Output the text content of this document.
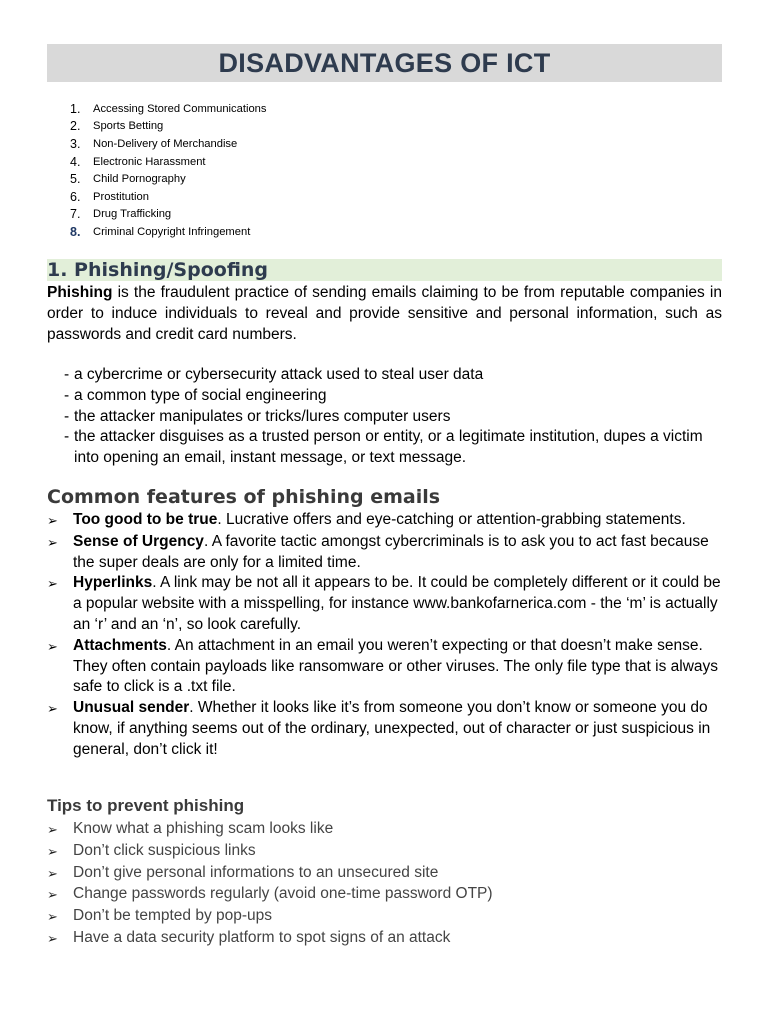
DISADVANTAGES OF ICT
1.	Accessing Stored Communications
2.	Sports Betting
3.	Non-Delivery of Merchandise
4.	Electronic Harassment
5.	Child Pornography
6.	Prostitution
7.	Drug Trafficking
8.	Criminal Copyright Infringement
1. Phishing/Spoofing
Phishing is the fraudulent practice of sending emails claiming to be from reputable companies in order to induce individuals to reveal and provide sensitive and personal information, such as passwords and credit card numbers.
- a cybercrime or cybersecurity attack used to steal user data
- a common type of social engineering
- the attacker manipulates or tricks/lures computer users
- the attacker disguises as a trusted person or entity, or a legitimate institution, dupes a victim into opening an email, instant message, or text message.
Common features of phishing emails
➢ Too good to be true. Lucrative offers and eye-catching or attention-grabbing statements.
➢ Sense of Urgency. A favorite tactic amongst cybercriminals is to ask you to act fast because the super deals are only for a limited time.
➢ Hyperlinks. A link may be not all it appears to be. It could be completely different or it could be a popular website with a misspelling, for instance www.bankofarnerica.com - the ‘m’ is actually an ‘r’ and an ‘n’, so look carefully.
➢ Attachments. An attachment in an email you weren’t expecting or that doesn’t make sense. They often contain payloads like ransomware or other viruses. The only file type that is always safe to click is a .txt file.
➢ Unusual sender. Whether it looks like it’s from someone you don’t know or someone you do know, if anything seems out of the ordinary, unexpected, out of character or just suspicious in general, don’t click it!
Tips to prevent phishing
➢ Know what a phishing scam looks like
➢ Don’t click suspicious links
➢ Don’t give personal informations to an unsecured site
➢ Change passwords regularly (avoid one-time password OTP)
➢ Don’t be tempted by pop-ups
➢ Have a data security platform to spot signs of an attack
